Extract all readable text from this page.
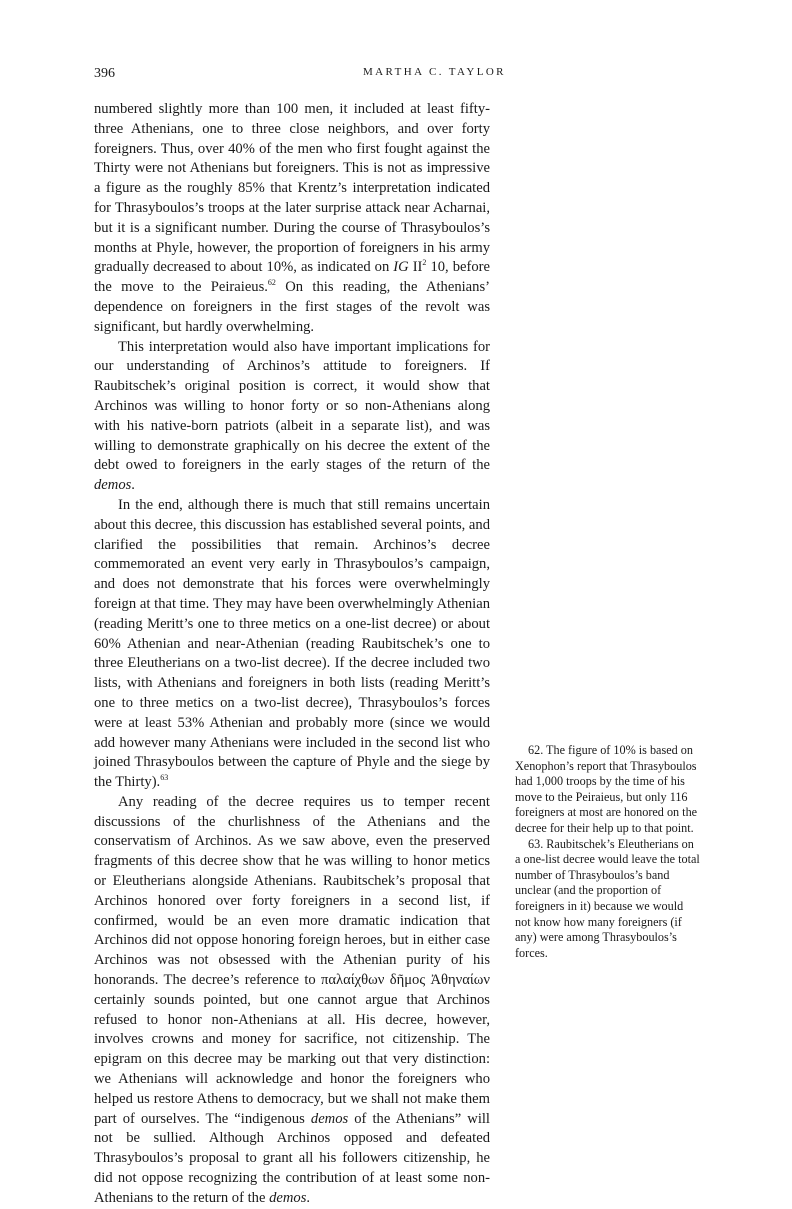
396	MARTHA C. TAYLOR

numbered slightly more than 100 men, it included at least fifty-three Athenians, one to three close neighbors, and over forty foreigners. Thus, over 40% of the men who first fought against the Thirty were not Athenians but foreigners. This is not as impressive a figure as the roughly 85% that Krentz’s interpretation indicated for Thrasyboulos’s troops at the later surprise attack near Acharnai, but it is a significant number. During the course of Thrasyboulos’s months at Phyle, however, the proportion of foreigners in his army gradually decreased to about 10%, as indicated on IG $II^2$ 10, before the move to the Peiraieus.$^{62}$ On this reading, the Athenians’ dependence on foreigners in the first stages of the revolt was significant, but hardly overwhelming.

This interpretation would also have important implications for our understanding of Archinos’s attitude to foreigners. If Raubitschek’s original position is correct, it would show that Archinos was willing to honor forty or so non-Athenians along with his native-born patriots (albeit in a separate list), and was willing to demonstrate graphically on his decree the extent of the debt owed to foreigners in the early stages of the return of the demos.

In the end, although there is much that still remains uncertain about this decree, this discussion has established several points, and clarified the possibilities that remain. Archinos’s decree commemorated an event very early in Thrasyboulos’s campaign, and does not demonstrate that his forces were overwhelmingly foreign at that time. They may have been overwhelmingly Athenian (reading Meritt’s one to three metics on a one-list decree) or about 60% Athenian and near-Athenian (reading Raubitschek’s one to three Eleutherians on a two-list decree). If the decree included two lists, with Athenians and foreigners in both lists (reading Meritt’s one to three metics on a two-list decree), Thrasyboulos’s forces were at least 53% Athenian and probably more (since we would add however many Athenians were included in the second list who joined Thrasyboulos between the capture of Phyle and the siege by the Thirty).$^{63}$

Any reading of the decree requires us to temper recent discussions of the churlishness of the Athenians and the conservatism of Archinos. As we saw above, even the preserved fragments of this decree show that he was willing to honor metics or Eleutherians alongside Athenians. Raubitschek’s proposal that Archinos honored over forty foreigners in a second list, if confirmed, would be an even more dramatic indication that Archinos did not oppose honoring foreign heroes, but in either case Archinos was not obsessed with the Athenian purity of his honorands. The decree’s reference to παλαίχθων δῆμος Ἀθηναίων certainly sounds pointed, but one cannot argue that Archinos refused to honor non-Athenians at all. His decree, however, involves crowns and money for sacrifice, not citizenship. The epigram on this decree may be marking out that very distinction: we Athenians will acknowledge and honor the foreigners who helped us restore Athens to democracy, but we shall not make them part of ourselves. The “indigenous demos of the Athenians” will not be sullied. Although Archinos opposed and defeated Thrasyboulos’s proposal to grant all his followers citizenship, he did not oppose recognizing the contribution of at least some non-Athenians to the return of the demos.

62. The figure of 10% is based on Xenophon’s report that Thrasyboulos had 1,000 troops by the time of his move to the Peiraieus, but only 116 foreigners at most are honored on the decree for their help up to that point.

63. Raubitschek’s Eleutherians on a one-list decree would leave the total number of Thrasyboulos’s band unclear (and the proportion of foreigners in it) because we would not know how many foreigners (if any) were among Thrasyboulos’s forces.
